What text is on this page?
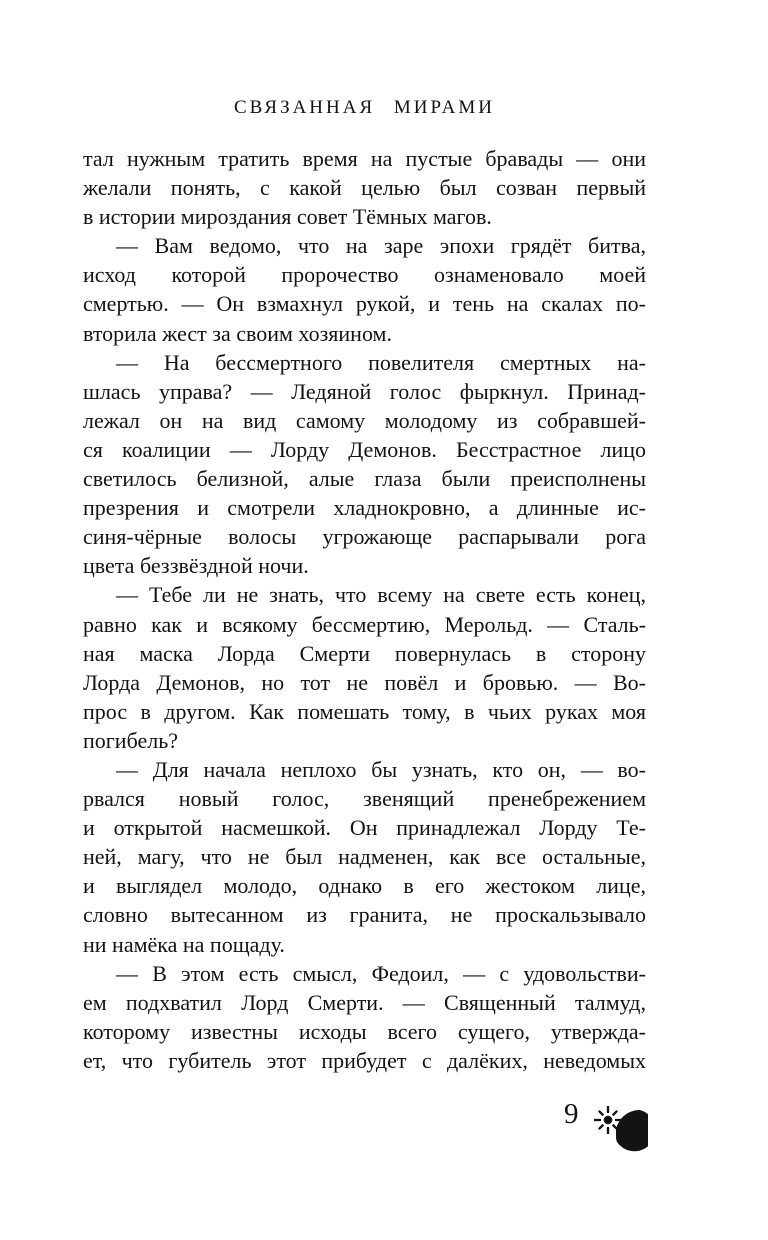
СВЯЗАННАЯ МИРАМИ
тал нужным тратить время на пустые бравады — они
желали понять, с какой целью был созван первый
в истории мироздания совет Тёмных магов.
— Вам ведомо, что на заре эпохи грядёт битва,
исход которой пророчество ознаменовало моей
смертью. — Он взмахнул рукой, и тень на скалах по-
вторила жест за своим хозяином.
— На бессмертного повелителя смертных на-
шлась управа? — Ледяной голос фыркнул. Принад-
лежал он на вид самому молодому из собравшей-
ся коалиции — Лорду Демонов. Бесстрастное лицо
светилось белизной, алые глаза были преисполнены
презрения и смотрели хладнокровно, а длинные ис-
синя-чёрные волосы угрожающе распарывали рога
цвета беззвёздной ночи.
— Тебе ли не знать, что всему на свете есть конец,
равно как и всякому бессмертию, Мерольд. — Сталь-
ная маска Лорда Смерти повернулась в сторону
Лорда Демонов, но тот не повёл и бровью. — Во-
прос в другом. Как помешать тому, в чьих руках моя
погибель?
— Для начала неплохо бы узнать, кто он, — во-
рвался новый голос, звенящий пренебрежением
и открытой насмешкой. Он принадлежал Лорду Те-
ней, магу, что не был надменен, как все остальные,
и выглядел молодо, однако в его жестоком лице,
словно вытесанном из гранита, не проскальзывало
ни намёка на пощаду.
— В этом есть смысл, Федоил, — с удовольстви-
ем подхватил Лорд Смерти. — Священный талмуд,
которому известны исходы всего сущего, утвержда-
ет, что губитель этот прибудет с далёких, неведомых
9
